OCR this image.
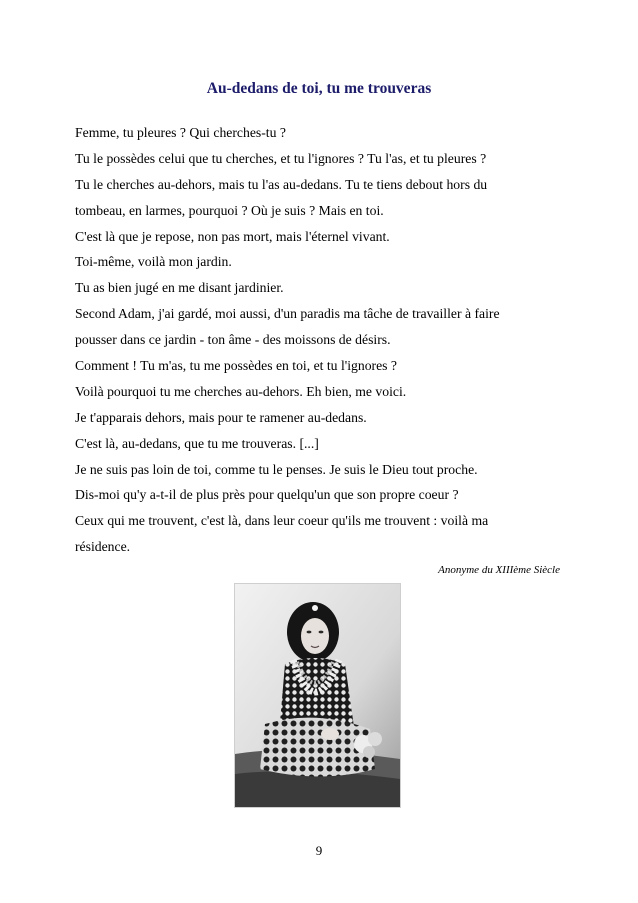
Au-dedans de toi, tu me trouveras
Femme, tu pleures ? Qui cherches-tu ?
Tu le possèdes celui que tu cherches, et tu l'ignores ? Tu l'as, et tu pleures ?
Tu le cherches au-dehors, mais tu l'as au-dedans. Tu te tiens debout hors du
tombeau, en larmes, pourquoi ? Où je suis ? Mais en toi.
C'est là que je repose, non pas mort, mais l'éternel vivant.
Toi-même, voilà mon jardin.
Tu as bien jugé en me disant jardinier.
Second Adam, j'ai gardé, moi aussi, d'un paradis ma tâche de travailler à faire
pousser dans ce jardin - ton âme - des moissons de désirs.
Comment ! Tu m'as, tu me possèdes en toi, et tu l'ignores ?
Voilà pourquoi tu me cherches au-dehors. Eh bien, me voici.
Je t'apparais dehors, mais pour te ramener au-dedans.
C'est là, au-dedans, que tu me trouveras. [...]
Je ne suis pas loin de toi, comme tu le penses. Je suis le Dieu tout proche.
Dis-moi qu'y a-t-il de plus près pour quelqu'un que son propre coeur ?
Ceux qui me trouvent, c'est là, dans leur coeur qu'ils me trouvent : voilà ma
résidence.
Anonyme du XIIIème Siècle
9
